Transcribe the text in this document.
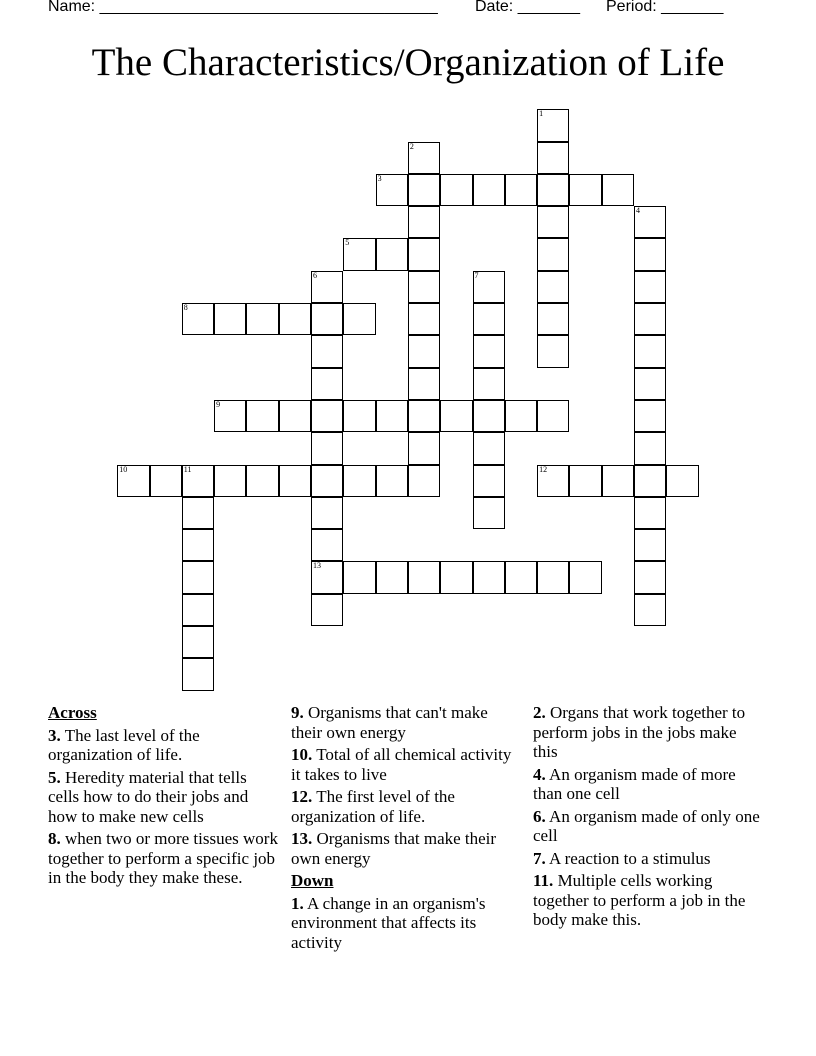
Name: ______________________________________ Date: _______ Period: _______
The Characteristics/Organization of Life
1
2
3
4
5
6
13
7
8
9
10	11	12
Across
3. The last level of the organization of life.
5. Heredity material that tells cells how to do their jobs and how to make new cells
8. when two or more tissues work together to perform a specific job in the body they make these.
9. Organisms that can't make their own energy
10. Total of all chemical activity it takes to live
12. The first level of the organization of life.
13. Organisms that make their own energy
Down
1. A change in an organism's environment that affects its activity
2. Organs that work together to perform jobs in the jobs make this
4. An organism made of more than one cell
6. An organism made of only one cell
7. A reaction to a stimulus
11. Multiple cells working together to perform a job in the body make this.
